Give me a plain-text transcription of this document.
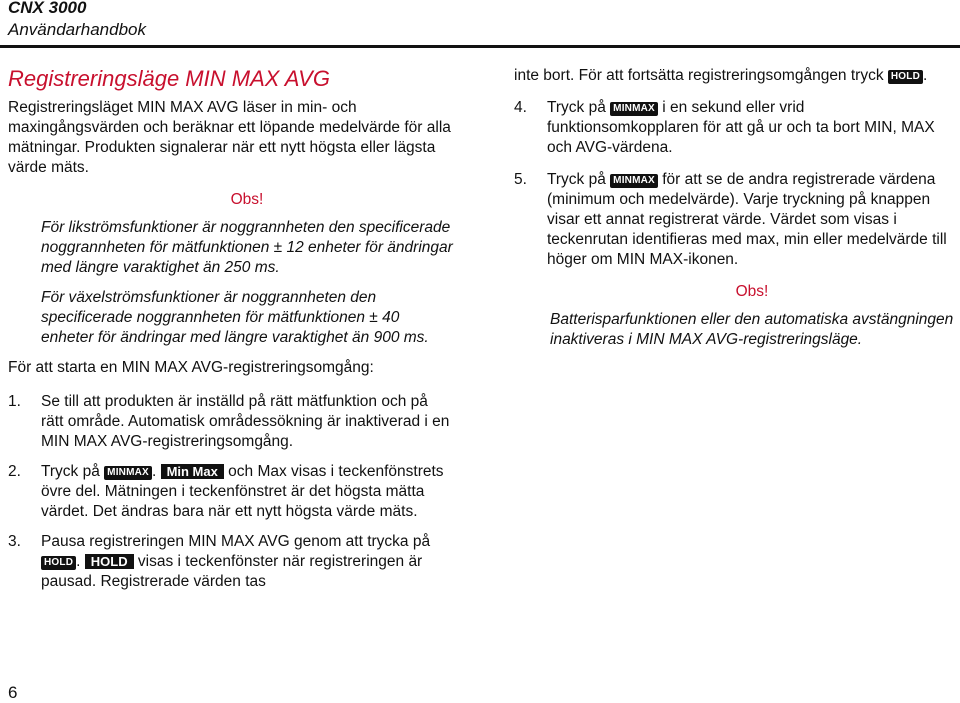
CNX 3000
Användarhandbok
Registreringsläge MIN MAX AVG

Registreringsläget MIN MAX AVG läser in min- och maxingångsvärden och beräknar ett löpande medelvärde för alla mätningar. Produkten signalerar när ett nytt högsta eller lägsta värde mäts.

Obs!

För likströmsfunktioner är noggrannheten den specificerade noggrannheten för mätfunktionen ± 12 enheter för ändringar med längre varaktighet än 250 ms.

För växelströmsfunktioner är noggrannheten den specificerade noggrannheten för mätfunktionen ± 40 enheter för ändringar med längre varaktighet än 900 ms.

För att starta en MIN MAX AVG-registreringsomgång:

1.	Se till att produkten är inställd på rätt mätfunktion och på rätt område. Automatisk områdessökning är inaktiverad i en MIN MAX AVG-registreringsomgång.
2.	Tryck på MINMAX . Min Max och Max visas i teckenfönstrets övre del. Mätningen i teckenfönstret är det högsta mätta värdet. Det ändras bara när ett nytt högsta värde mäts.
3.	Pausa registreringen MIN MAX AVG genom att trycka på HOLD . HOLD visas i teckenfönster när registreringen är pausad. Registrerade värden tas

inte bort. För att fortsätta registreringsomgången tryck HOLD .

4.	Tryck på MINMAX i en sekund eller vrid funktionsomkopplaren för att gå ur och ta bort MIN, MAX och AVG-värdena.
5.	Tryck på MINMAX för att se de andra registrerade värdena (minimum och medelvärde). Varje tryckning på knappen visar ett annat registrerat värde. Värdet som visas i teckenrutan identifieras med max, min eller medelvärde till höger om MIN MAX-ikonen.

Obs!

Batterisparfunktionen eller den automatiska avstängningen inaktiveras i MIN MAX AVG-registreringsläge.

6
